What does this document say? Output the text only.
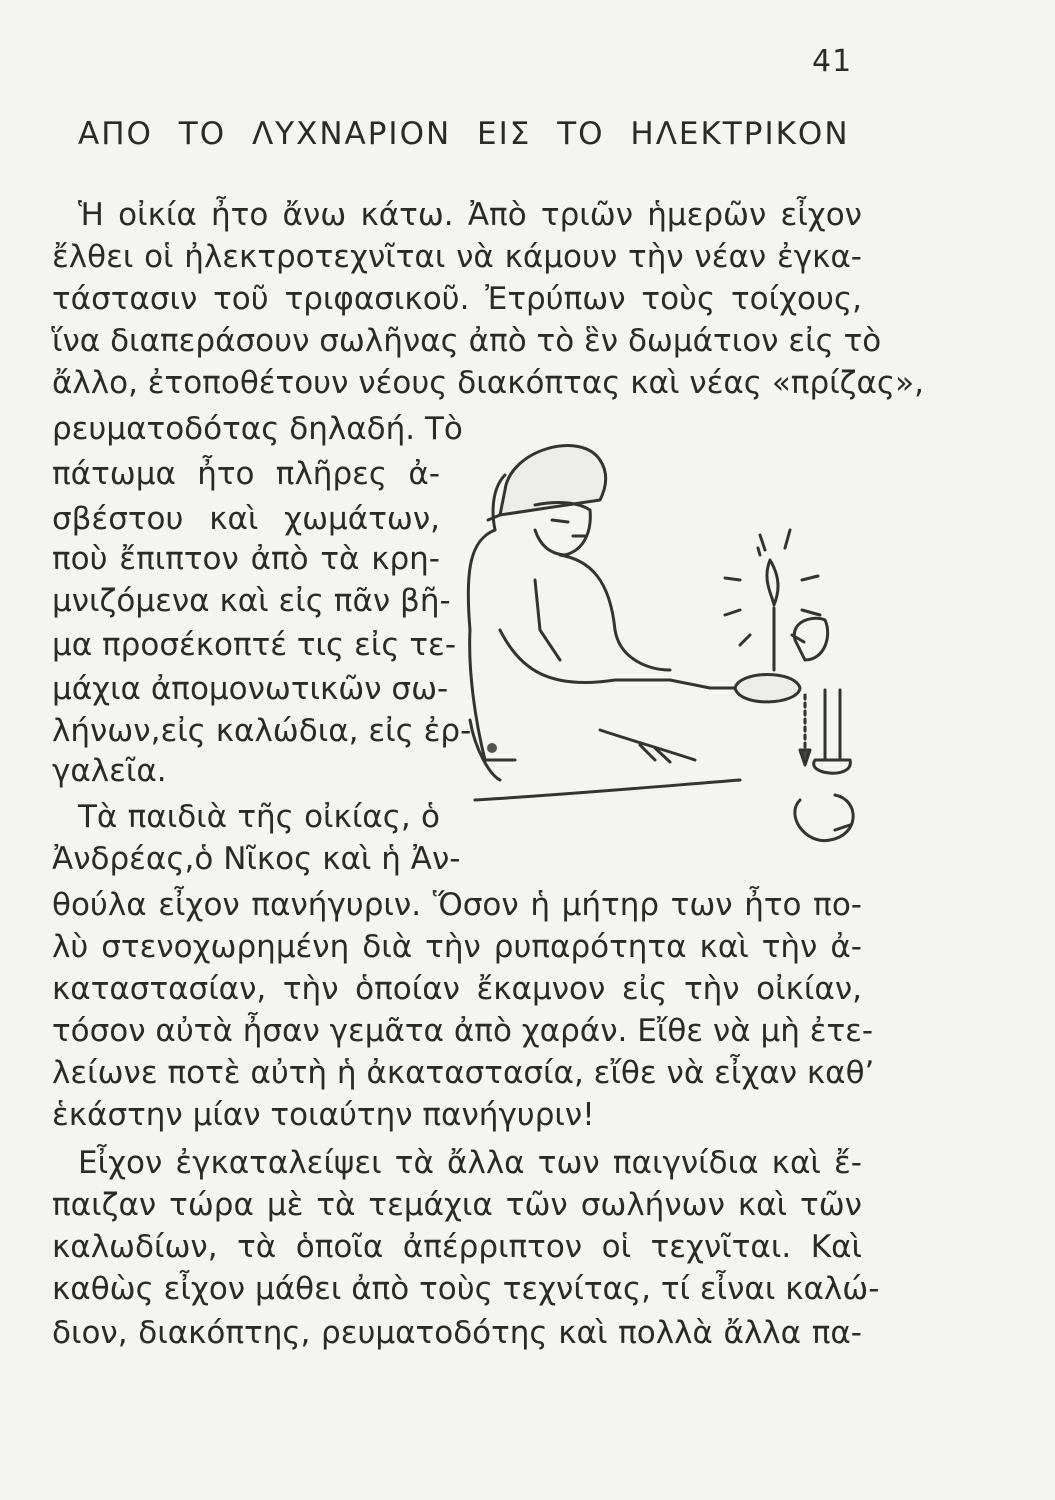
41
ΑΠΟ ΤΟ ΛΥΧΝΑΡΙΟΝ ΕΙΣ ΤΟ ΗΛΕΚΤΡΙΚΟΝ
Ἡ οἰκία ἦτο ἄνω κάτω. Ἀπὸ τριῶν ἡμερῶν εἶχον
ἔλθει οἱ ἠλεκτροτεχνῖται νὰ κάμουν τὴν νέαν ἐγκα-
τάστασιν τοῦ τριφασικοῦ. Ἐτρύπων τοὺς τοίχους,
ἵνα διαπεράσουν σωλῆνας ἀπὸ τὸ ἓν δωμάτιον εἰς τὸ
ἄλλο, ἐτοποθέτουν νέους διακόπτας καὶ νέας «πρίζας»,
ρευματοδότας δηλαδή. Τὸ
πάτωμα ἦτο πλῆρες ἀ-
σβέστου καὶ χωμάτων,
ποὺ ἔπιπτον ἀπὸ τὰ κρη-
μνιζόμενα καὶ εἰς πᾶν βῆ-
μα προσέκοπτέ τις εἰς τε-
μάχια ἀπομονωτικῶν σω-
λήνων,εἰς καλώδια, εἰς ἐρ-
γαλεῖα.
Τὰ παιδιὰ τῆς οἰκίας, ὁ
Ἀνδρέας,ὁ Νῖκος καὶ ἡ Ἀν-
θούλα εἶχον πανήγυριν. Ὅσον ἡ μήτηρ των ἦτο πο-
λὺ στενοχωρημένη διὰ τὴν ρυπαρότητα καὶ τὴν ἀ-
καταστασίαν, τὴν ὁποίαν ἔκαμνον εἰς τὴν οἰκίαν,
τόσον αὐτὰ ἦσαν γεμᾶτα ἀπὸ χαράν. Εἴθε νὰ μὴ ἐτε-
λείωνε ποτὲ αὐτὴ ἡ ἀκαταστασία, εἴθε νὰ εἶχαν καθ’
ἑκάστην μίαν τοιαύτην πανήγυριν!
Εἶχον ἐγκαταλείψει τὰ ἄλλα των παιγνίδια καὶ ἔ-
παιζαν τώρα μὲ τὰ τεμάχια τῶν σωλήνων καὶ τῶν
καλωδίων, τὰ ὁποῖα ἀπέρριπτον οἱ τεχνῖται. Καὶ
καθὼς εἶχον μάθει ἀπὸ τοὺς τεχνίτας, τί εἶναι καλώ-
διον, διακόπτης, ρευματοδότης καὶ πολλὰ ἄλλα πα-
